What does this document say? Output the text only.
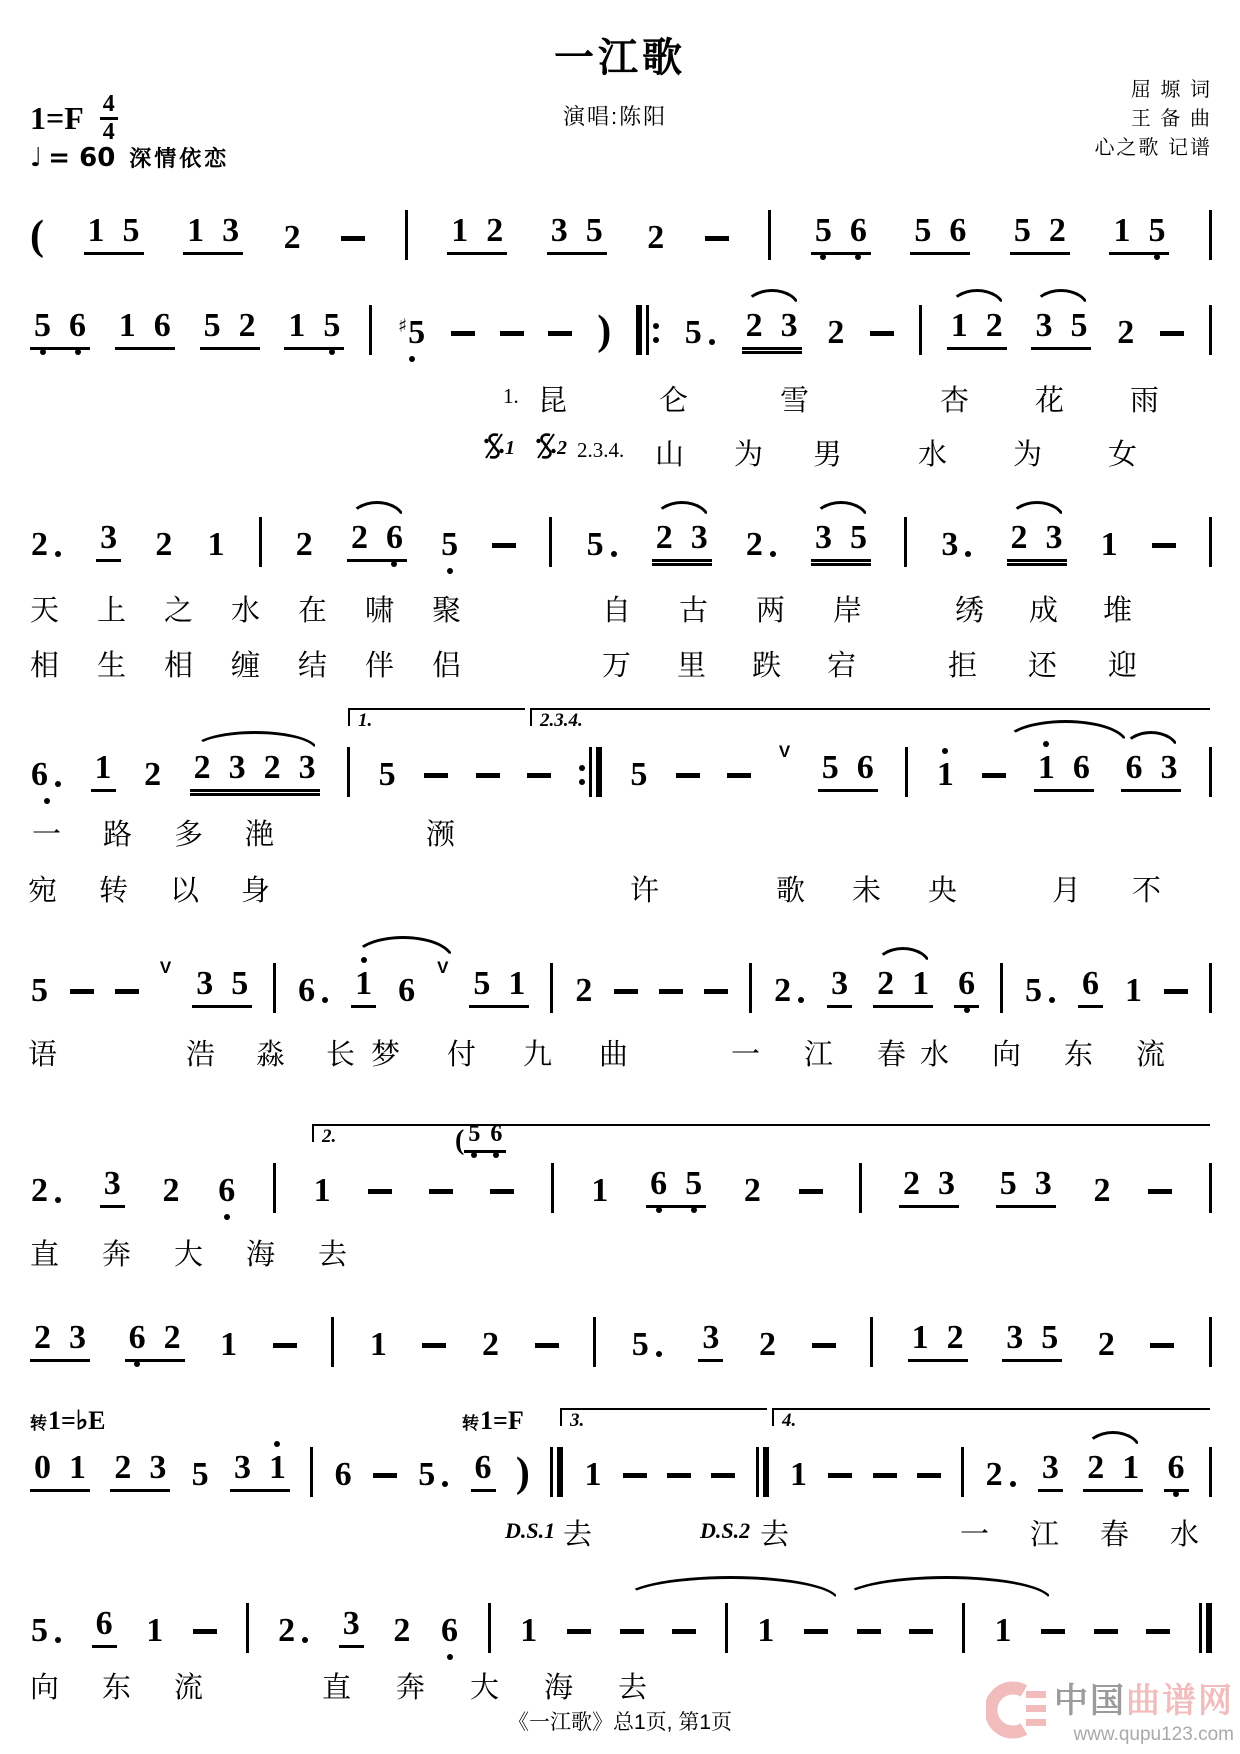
一江歌
演唱:陈阳
屈 塬 词
王 备 曲
心之歌 记谱
$1=F \frac{4}{4}$
♩ = 60 深情依恋
( 1 5 1 3 2	1 2 3 5 2	5 6 5 6 5 2 1 5
5 6 1 6 5 2 1 5	♯ 5	) 5 2 3 2	1 2 3 5 2
2 3 2 1 2 2 6 5	5 2 3 2 3 5 3 2 3 1
6 1 2 2 3 2 3 5	5
V 5 6 1 1 6 6 3
1.	2.3.4.
5
V 3 5 6 1 6
V 5 1 2	2 3 2 1 6 5 6 1
2 3 2 6 1	1 6 5 2	2 3 5 3 2
2.	( 5 6
2 3 6 2 1	1	2	5 3 2	1 2 3 5 2
0 1 2 3 5 3 1 6 5 6 ) 1	1	2 3 2 1 6
3.	4.
转1=♭E	转1=F
5 6 1	2 3 2 6 1	1	1
1. 昆仑雪 杏花雨
1 2 2.3.4. 山为男 水为女
天上之水在啸聚	自古两岸 绣成堆
相生相缠结伴侣	万里跌宕 拒还迎
一路多滟	滪
宛转以身	许	歌未央 月不
语	浩淼长
梦付九曲 一江春
水向东流
直奔大海去
D.S.1 去	D.S.2 去	一江春 水
向东流	直奔大海去
《一江歌》总1页, 第1页
中国曲谱网
www.qupu123.com
